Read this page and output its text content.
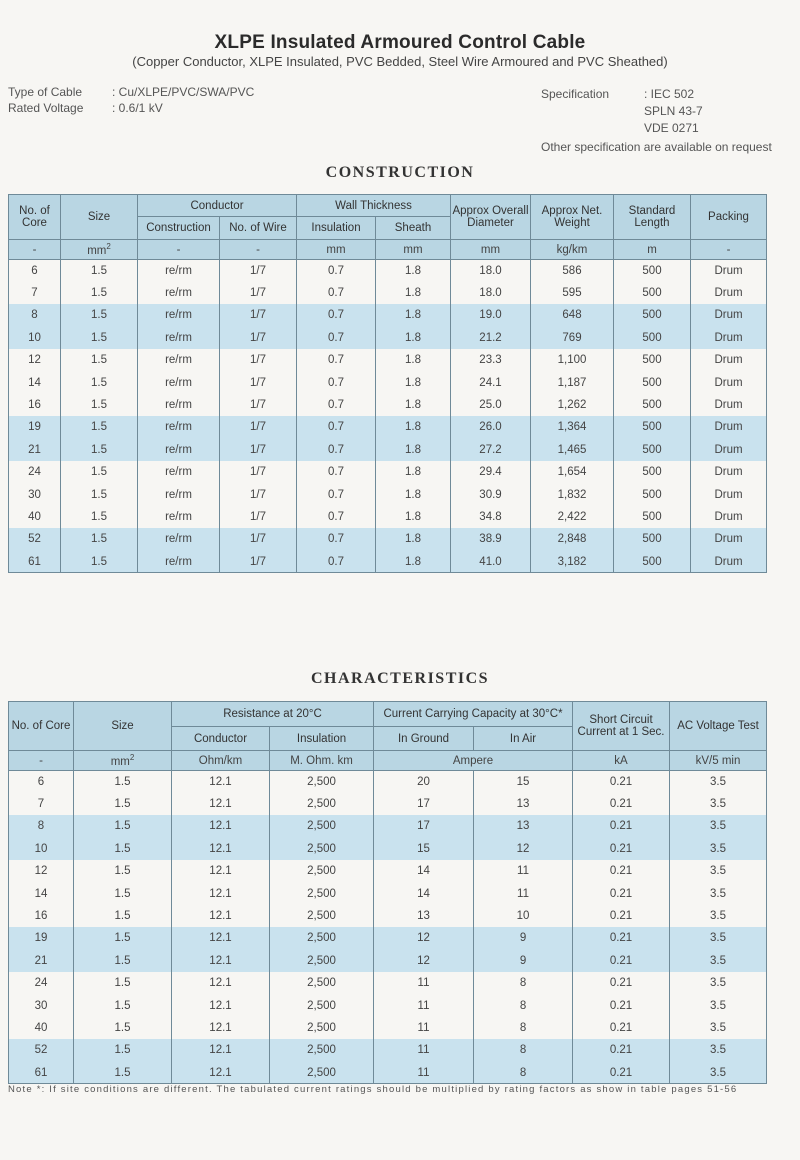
XLPE Insulated Armoured Control Cable
(Copper Conductor, XLPE Insulated, PVC Bedded, Steel Wire Armoured and PVC Sheathed)
Type of Cable	: Cu/XLPE/PVC/SWA/PVC
Rated Voltage	: 0.6/1 kV
Specification	: IEC 502
SPLN 43-7
VDE 0271
Other specification are available on request
CONSTRUCTION
No. of Core	Size	Conductor		Wall Thickness		Approx Overall Diameter	Approx Net. Weight	Standard Length	Packing
		Construction	No. of Wire	Insulation	Sheath				
-	$mm^2$	-	-	mm	mm	mm	kg/km	m	-
6	1.5	re/rm	1/7	0.7	1.8	18.0	586	500	Drum
7	1.5	re/rm	1/7	0.7	1.8	18.0	595	500	Drum
8	1.5	re/rm	1/7	0.7	1.8	19.0	648	500	Drum
10	1.5	re/rm	1/7	0.7	1.8	21.2	769	500	Drum
12	1.5	re/rm	1/7	0.7	1.8	23.3	1,100	500	Drum
14	1.5	re/rm	1/7	0.7	1.8	24.1	1,187	500	Drum
16	1.5	re/rm	1/7	0.7	1.8	25.0	1,262	500	Drum
19	1.5	re/rm	1/7	0.7	1.8	26.0	1,364	500	Drum
21	1.5	re/rm	1/7	0.7	1.8	27.2	1,465	500	Drum
24	1.5	re/rm	1/7	0.7	1.8	29.4	1,654	500	Drum
30	1.5	re/rm	1/7	0.7	1.8	30.9	1,832	500	Drum
40	1.5	re/rm	1/7	0.7	1.8	34.8	2,422	500	Drum
52	1.5	re/rm	1/7	0.7	1.8	38.9	2,848	500	Drum
61	1.5	re/rm	1/7	0.7	1.8	41.0	3,182	500	Drum
CHARACTERISTICS
No. of Core	Size	Resistance at 20°C		Current Carrying Capacity at 30°C*		Short Circuit Current at 1 Sec.	AC Voltage Test
		Conductor	Insulation	In Ground	In Air		
-	$mm^2$	Ohm/km	M. Ohm. km	Ampere		kA	kV/5 min
6	1.5	12.1	2,500	20	15	0.21	3.5
7	1.5	12.1	2,500	17	13	0.21	3.5
8	1.5	12.1	2,500	17	13	0.21	3.5
10	1.5	12.1	2,500	15	12	0.21	3.5
12	1.5	12.1	2,500	14	11	0.21	3.5
14	1.5	12.1	2,500	14	11	0.21	3.5
16	1.5	12.1	2,500	13	10	0.21	3.5
19	1.5	12.1	2,500	12	9	0.21	3.5
21	1.5	12.1	2,500	12	9	0.21	3.5
24	1.5	12.1	2,500	11	8	0.21	3.5
30	1.5	12.1	2,500	11	8	0.21	3.5
40	1.5	12.1	2,500	11	8	0.21	3.5
52	1.5	12.1	2,500	11	8	0.21	3.5
61	1.5	12.1	2,500	11	8	0.21	3.5
Note *: If site conditions are different. The tabulated current ratings should be multiplied by rating factors as show in table pages 51-56
